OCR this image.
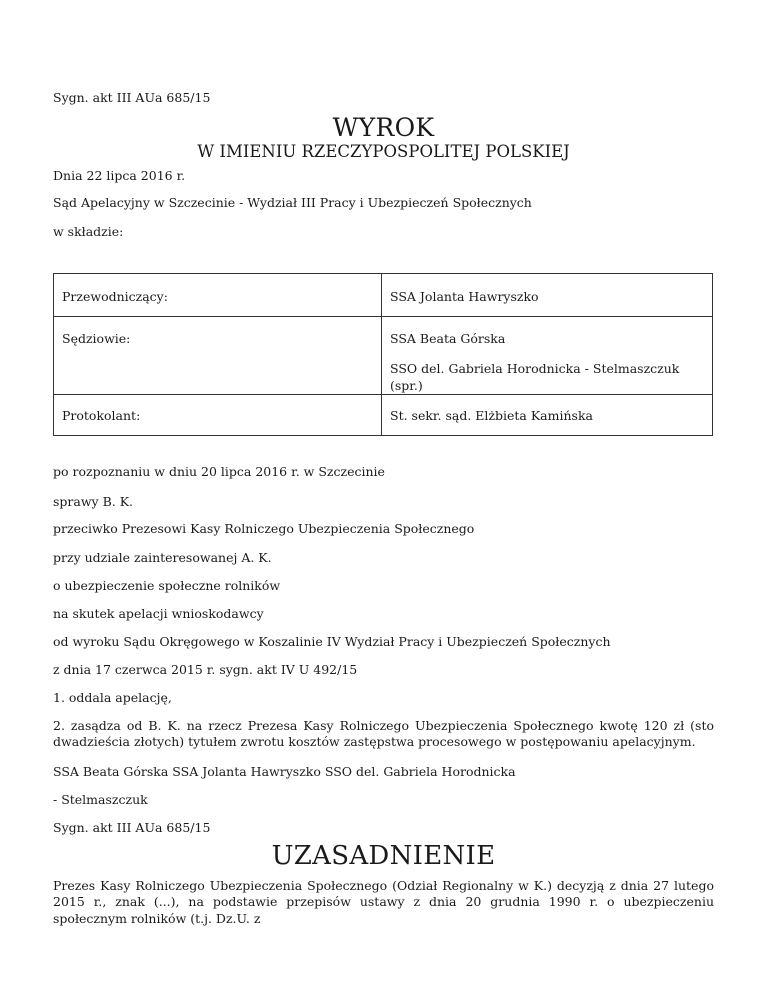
Sygn. akt III AUa 685/15
WYROK
W IMIENIU RZECZYPOSPOLITEJ POLSKIEJ
Dnia 22 lipca 2016 r.
Sąd Apelacyjny w Szczecinie - Wydział III Pracy i Ubezpieczeń Społecznych
w składzie:
Przewodniczący:	SSA Jolanta Hawryszko

Sędziowie:	SSA Beata Górska
SSO del. Gabriela Horodnicka - Stelmaszczuk (spr.)

Protokolant:	St. sekr. sąd. Elżbieta Kamińska
po rozpoznaniu w dniu 20 lipca 2016 r. w Szczecinie
sprawy B. K.
przeciwko Prezesowi Kasy Rolniczego Ubezpieczenia Społecznego
przy udziale zainteresowanej A. K.
o ubezpieczenie społeczne rolników
na skutek apelacji wnioskodawcy
od wyroku Sądu Okręgowego w Koszalinie IV Wydział Pracy i Ubezpieczeń Społecznych
z dnia 17 czerwca 2015 r. sygn. akt IV U 492/15
1. oddala apelację,
2. zasądza od B. K. na rzecz Prezesa Kasy Rolniczego Ubezpieczenia Społecznego kwotę 120 zł (sto dwadzieścia złotych) tytułem zwrotu kosztów zastępstwa procesowego w postępowaniu apelacyjnym.
SSA Beata Górska SSA Jolanta Hawryszko SSO del. Gabriela Horodnicka
- Stelmaszczuk
Sygn. akt III AUa 685/15
UZASADNIENIE
Prezes Kasy Rolniczego Ubezpieczenia Społecznego (Odział Regionalny w K.) decyzją z dnia 27 lutego 2015 r., znak (...), na podstawie przepisów ustawy z dnia 20 grudnia 1990 r. o ubezpieczeniu społecznym rolników (t.j. Dz.U. z
